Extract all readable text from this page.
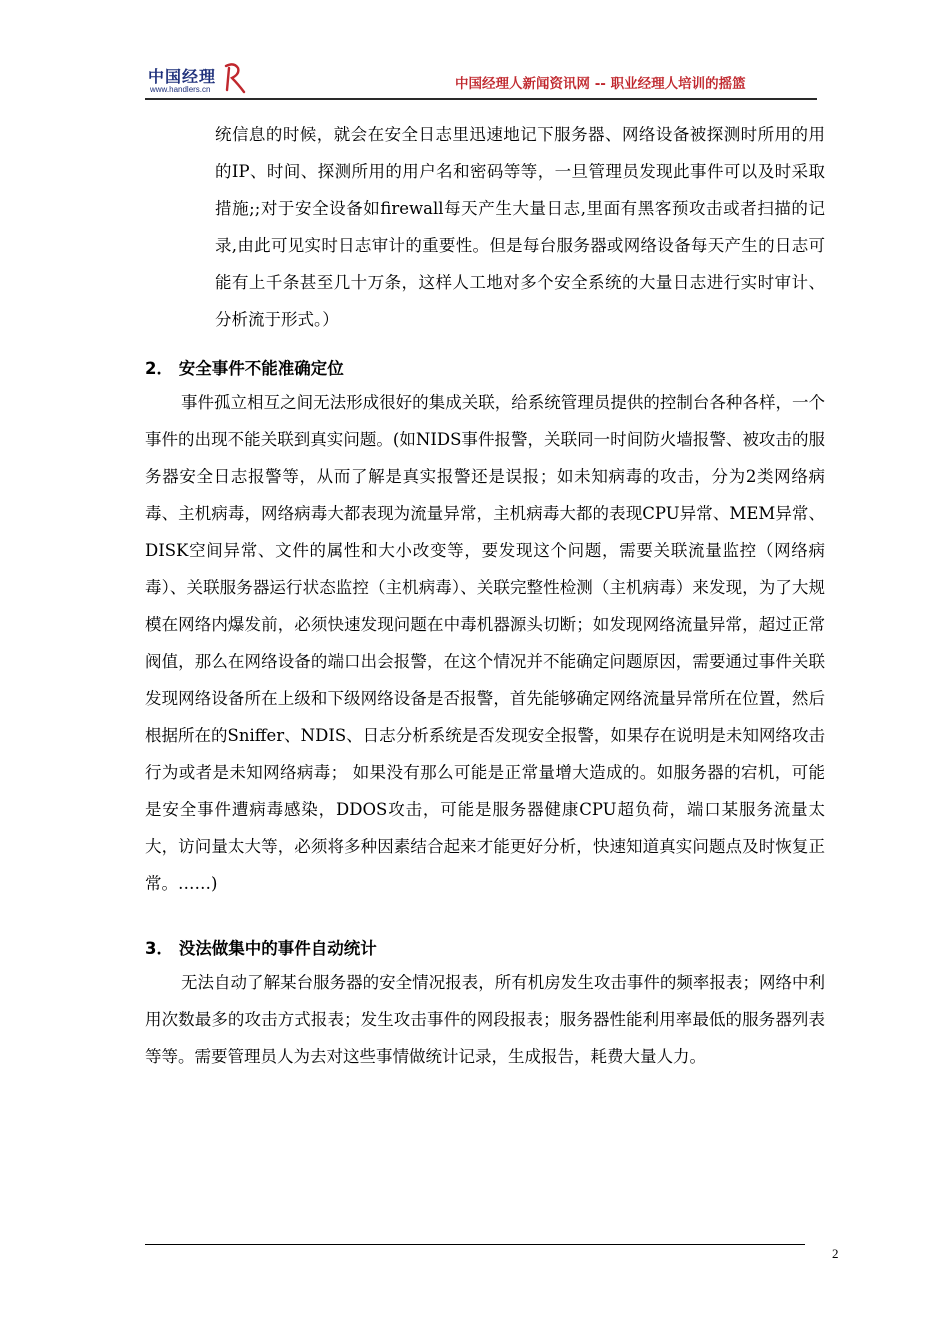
中国经理
www.handlers.cn	中国经理人新闻资讯网 -- 职业经理人培训的摇篮

统信息的时候，就会在安全日志里迅速地记下服务器、网络设备被探测时所用的用的IP、时间、探测所用的用户名和密码等等，一旦管理员发现此事件可以及时采取措施;;对于安全设备如firewall每天产生大量日志,里面有黑客预攻击或者扫描的记录,由此可见实时日志审计的重要性。但是每台服务器或网络设备每天产生的日志可能有上千条甚至几十万条，这样人工地对多个安全系统的大量日志进行实时审计、分析流于形式。）

2． 安全事件不能准确定位

事件孤立相互之间无法形成很好的集成关联，给系统管理员提供的控制台各种各样，一个事件的出现不能关联到真实问题。(如NIDS事件报警，关联同一时间防火墙报警、被攻击的服务器安全日志报警等，从而了解是真实报警还是误报；如未知病毒的攻击，分为2类网络病毒、主机病毒，网络病毒大都表现为流量异常，主机病毒大都的表现CPU异常、MEM异常、DISK空间异常、文件的属性和大小改变等，要发现这个问题，需要关联流量监控（网络病毒）、关联服务器运行状态监控（主机病毒）、关联完整性检测（主机病毒）来发现，为了大规模在网络内爆发前，必须快速发现问题在中毒机器源头切断；如发现网络流量异常，超过正常阀值，那么在网络设备的端口出会报警，在这个情况并不能确定问题原因，需要通过事件关联发现网络设备所在上级和下级网络设备是否报警，首先能够确定网络流量异常所在位置，然后根据所在的Sniffer、NDIS、日志分析系统是否发现安全报警，如果存在说明是未知网络攻击行为或者是未知网络病毒； 如果没有那么可能是正常量增大造成的。如服务器的宕机，可能是安全事件遭病毒感染，DDOS攻击，可能是服务器健康CPU超负荷，端口某服务流量太大，访问量太大等，必须将多种因素结合起来才能更好分析，快速知道真实问题点及时恢复正常。……)

3． 没法做集中的事件自动统计

无法自动了解某台服务器的安全情况报表，所有机房发生攻击事件的频率报表；网络中利用次数最多的攻击方式报表；发生攻击事件的网段报表；服务器性能利用率最低的服务器列表等等。需要管理员人为去对这些事情做统计记录，生成报告，耗费大量人力。

2
